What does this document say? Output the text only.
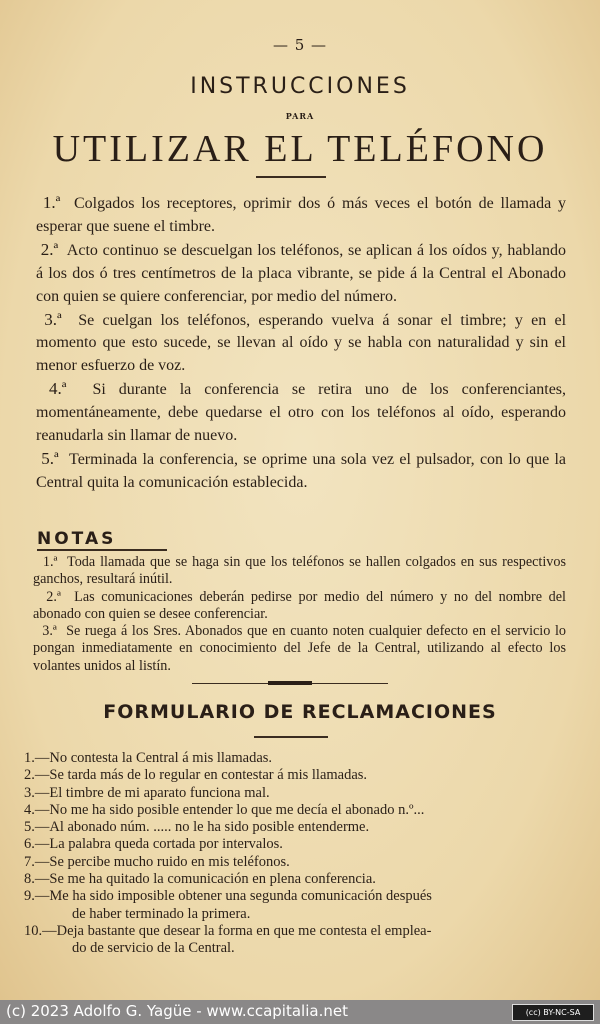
— 5 —
INSTRUCCIONES
PARA
UTILIZAR EL TELÉFONO

1.ª Colgados los receptores, oprimir dos ó más veces el botón de llamada y esperar que suene el timbre.

2.ª Acto continuo se descuelgan los teléfonos, se aplican á los oídos y, hablando á los dos ó tres centímetros de la placa vibrante, se pide á la Central el Abonado con quien se quiere conferenciar, por medio del número.

3.ª Se cuelgan los teléfonos, esperando vuelva á sonar el timbre; y en el momento que esto sucede, se llevan al oído y se habla con naturalidad y sin el menor esfuerzo de voz.

4.ª Si durante la conferencia se retira uno de los conferenciantes, momentáneamente, debe quedarse el otro con los teléfonos al oído, esperando reanudarla sin llamar de nuevo.

5.ª Terminada la conferencia, se oprime una sola vez el pulsador, con lo que la Central quita la comunicación establecida.

NOTAS

1.ª Toda llamada que se haga sin que los teléfonos se hallen colgados en sus respectivos ganchos, resultará inútil.

2.ª Las comunicaciones deberán pedirse por medio del número y no del nombre del abonado con quien se desee conferenciar.

3.ª Se ruega á los Sres. Abonados que en cuanto noten cualquier defecto en el servicio lo pongan inmediatamente en conocimiento del Jefe de la Central, utilizando al efecto los volantes unidos al listín.

FORMULARIO DE RECLAMACIONES
1.—No contesta la Central á mis llamadas.
2.—Se tarda más de lo regular en contestar á mis llamadas.
3.—El timbre de mi aparato funciona mal.
4.—No me ha sido posible entender lo que me decía el abonado n.º...
5.—Al abonado núm. ..... no le ha sido posible entenderme.
6.—La palabra queda cortada por intervalos.
7.—Se percibe mucho ruido en mis teléfonos.
8.—Se me ha quitado la comunicación en plena conferencia.
9.—Me ha sido imposible obtener una segunda comunicación después
de haber terminado la primera.
10.—Deja bastante que desear la forma en que me contesta el emplea-
do de servicio de la Central.
(c) 2023 Adolfo G. Yagüe - www.ccapitalia.net	(cc) BY-NC-SA
